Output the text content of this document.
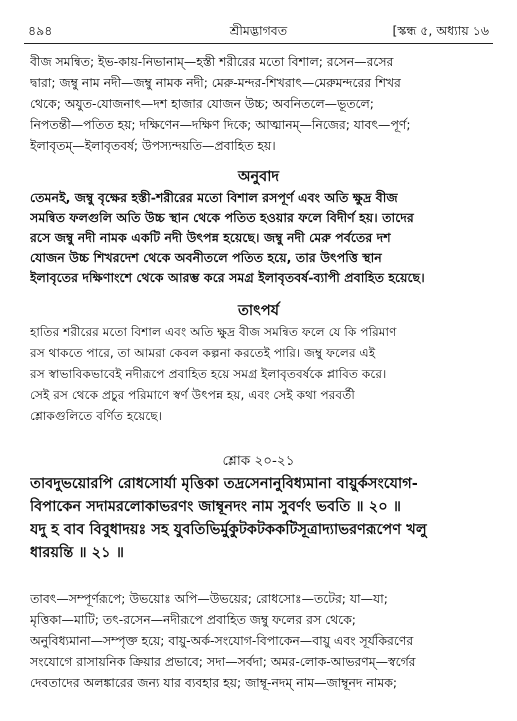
৪৯৪	শ্রীমদ্ভাগবত	[স্কন্ধ ৫, অধ্যায় ১৬
বীজ সমন্বিত; ইভ-কায়-নিভানাম্—হস্তী শরীরের মতো বিশাল; রসেন—রসের
দ্বারা; জম্বু নাম নদী—জম্বু নামক নদী; মেরু-মন্দর-শিখরাৎ—মেরুমন্দরের শিখর
থেকে; অযুত-যোজনাৎ—দশ হাজার যোজন উচ্চ; অবনিতলে—ভূতলে;
নিপতন্তী—পতিত হয়; দক্ষিণেন—দক্ষিণ দিকে; আত্মানম্—নিজের; যাবৎ—পূর্ণ;
ইলাবৃতম্—ইলাবৃতবর্ষ; উপস্যন্দয়তি—প্রবাহিত হয়।
অনুবাদ
তেমনই, জম্বু বৃক্ষের হস্তী-শরীরের মতো বিশাল রসপূর্ণ এবং অতি ক্ষুদ্র বীজ
সমন্বিত ফলগুলি অতি উচ্চ স্থান থেকে পতিত হওয়ার ফলে বিদীর্ণ হয়। তাদের
রসে জম্বু নদী নামক একটি নদী উৎপন্ন হয়েছে। জম্বু নদী মেরু পর্বতের দশ
যোজন উচ্চ শিখরদেশ থেকে অবনীতলে পতিত হয়ে, তার উৎপত্তি স্থান
ইলাবৃতের দক্ষিণাংশে থেকে আরম্ভ করে সমগ্র ইলাবৃতবর্ষ-ব্যাপী প্রবাহিত হয়েছে।
তাৎপর্য
হাতির শরীরের মতো বিশাল এবং অতি ক্ষুদ্র বীজ সমন্বিত ফলে যে কি পরিমাণ
রস থাকতে পারে, তা আমরা কেবল কল্পনা করতেই পারি। জম্বু ফলের এই
রস স্বাভাবিকভাবেই নদীরূপে প্রবাহিত হয়ে সমগ্র ইলাবৃতবর্ষকে প্লাবিত করে।
সেই রস থেকে প্রচুর পরিমাণে স্বর্ণ উৎপন্ন হয়, এবং সেই কথা পরবর্তী
শ্লোকগুলিতে বর্ণিত হয়েছে।
শ্লোক ২০-২১
তাবদুভয়োরপি রোধসোর্যা মৃত্তিকা তদ্রসেনানুবিধ্যমানা বায়ুর্কসংযোগ-
বিপাকেন সদামরলোকাভরণং জাম্বূনদং নাম সুবর্ণং ভবতি ॥ ২০ ॥
যদু হ বাব বিবুধাদয়ঃ সহ যুবতিভির্মুকুটকটককটিসূত্রাদ্যাভরণরূপেণ খলু
ধারয়ন্তি ॥ ২১ ॥
তাবৎ—সম্পূর্ণরূপে; উভয়োঃ অপি—উভয়ের; রোধসোঃ—তটের; যা—যা;
মৃত্তিকা—মাটি; তৎ-রসেন—নদীরূপে প্রবাহিত জম্বু ফলের রস থেকে;
অনুবিধ্যমানা—সম্পৃক্ত হয়ে; বায়ু-অর্ক-সংযোগ-বিপাকেন—বায়ু এবং সূর্যকিরণের
সংযোগে রাসায়নিক ক্রিয়ার প্রভাবে; সদা—সর্বদা; অমর-লোক-আভরণম্—স্বর্গের
দেবতাদের অলঙ্কারের জন্য যার ব্যবহার হয়; জাম্বূ-নদম্ নাম—জাম্বূনদ নামক;
